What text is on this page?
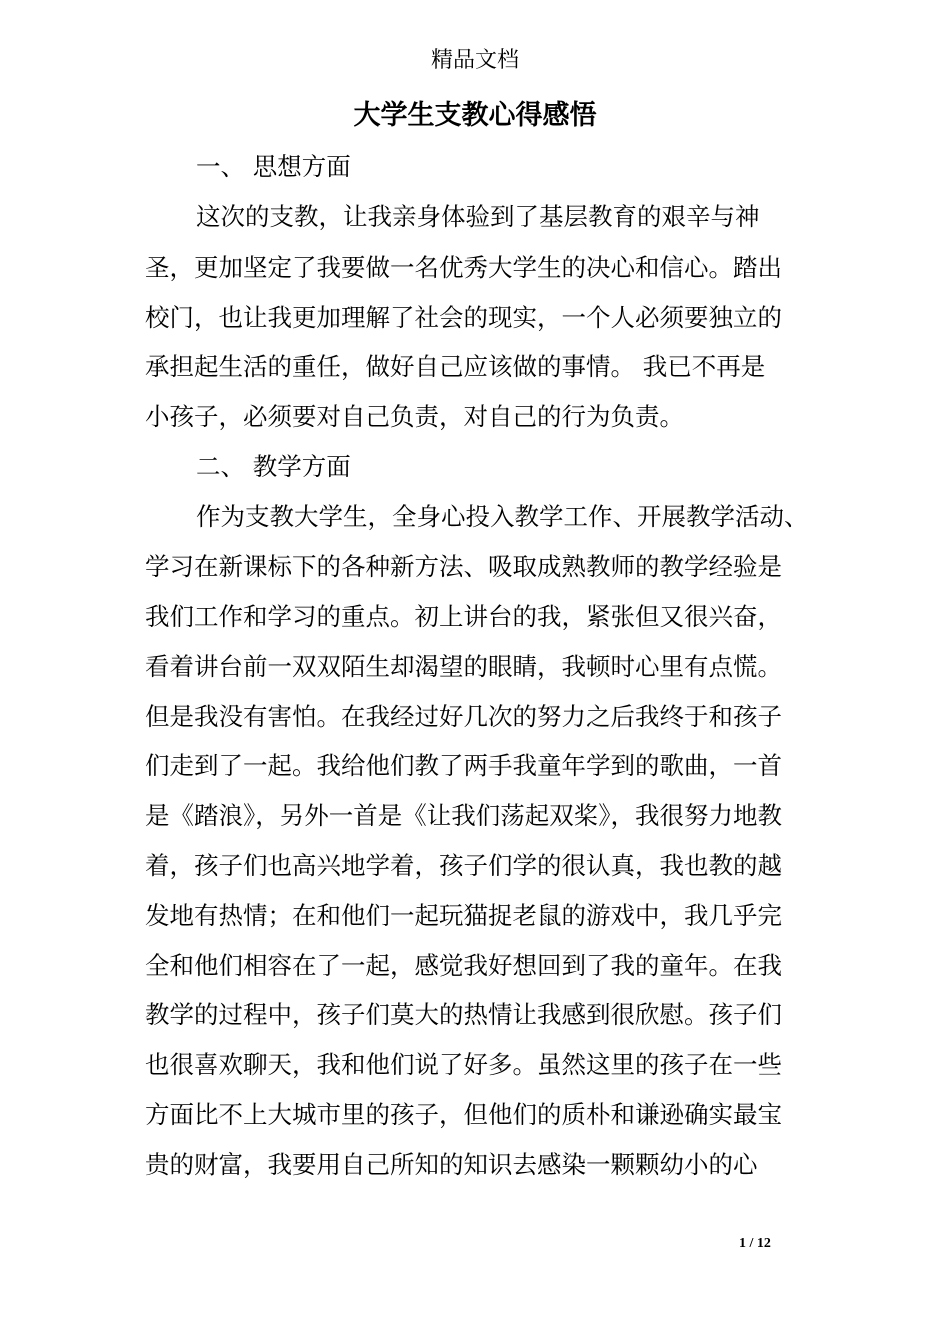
精品文档
大学生支教心得感悟
一、 思想方面
这次的支教，让我亲身体验到了基层教育的艰辛与神
圣，更加坚定了我要做一名优秀大学生的决心和信心。踏出
校门，也让我更加理解了社会的现实，一个人必须要独立的
承担起生活的重任，做好自己应该做的事情。 我已不再是
小孩子，必须要对自己负责，对自己的行为负责。
二、 教学方面
作为支教大学生，全身心投入教学工作、开展教学活动、
学习在新课标下的各种新方法、吸取成熟教师的教学经验是
我们工作和学习的重点。初上讲台的我，紧张但又很兴奋，
看着讲台前一双双陌生却渴望的眼睛，我顿时心里有点慌。
但是我没有害怕。在我经过好几次的努力之后我终于和孩子
们走到了一起。我给他们教了两手我童年学到的歌曲，一首
是《踏浪》，另外一首是《让我们荡起双桨》，我很努力地教
着，孩子们也高兴地学着，孩子们学的很认真，我也教的越
发地有热情；在和他们一起玩猫捉老鼠的游戏中，我几乎完
全和他们相容在了一起，感觉我好想回到了我的童年。在我
教学的过程中，孩子们莫大的热情让我感到很欣慰。孩子们
也很喜欢聊天，我和他们说了好多。虽然这里的孩子在一些
方面比不上大城市里的孩子，但他们的质朴和谦逊确实最宝
贵的财富，我要用自己所知的知识去感染一颗颗幼小的心
1 / 12
